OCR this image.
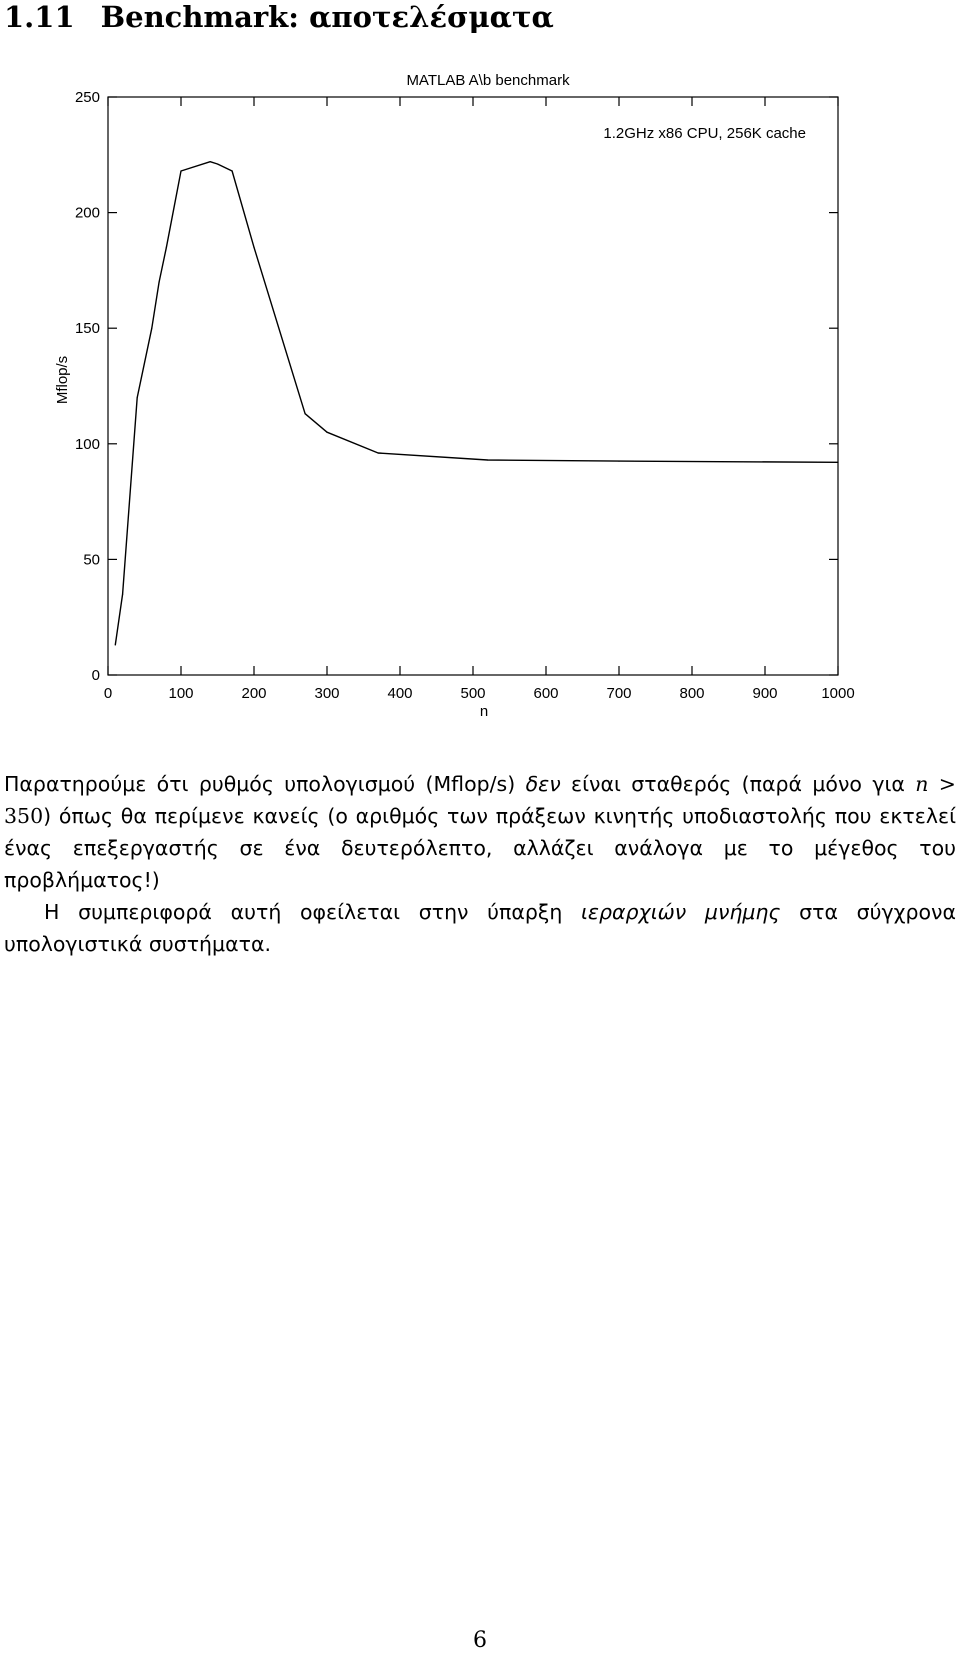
1.11 Benchmark: αποτελέσματα
0	100	200	300	400	500	600	700	800	900	1000
0
50
100
150
200
250
MATLAB A\b benchmark
1.2GHz x86 CPU, 256K cache
n
Mflop/s

Παρατηρούμε ότι ρυθμός υπολογισμού (Mflop/s) δεν είναι σταθερός (παρά μόνο για n > 350) όπως θα περίμενε κανείς (ο αριθμός των πράξεων κινητής υποδιαστολής που εκτελεί ένας επεξεργαστής σε ένα δευτερόλεπτο, αλλάζει ανάλογα με το μέγεθος του προβλήματος!)

Η συμπεριφορά αυτή οφείλεται στην ύπαρξη ιεραρχιών μνήμης στα σύγχρονα υπολογιστικά συστήματα.

6
